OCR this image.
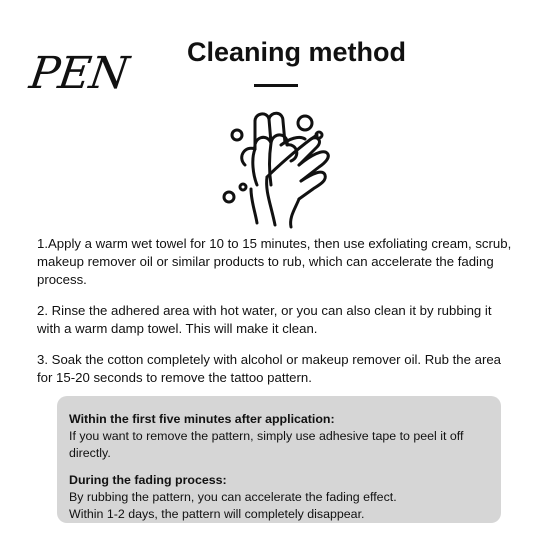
PEN	Cleaning method

1.Apply a warm wet towel for 10 to 15 minutes, then use exfoliating cream, scrub, makeup remover oil or similar products to rub, which can accelerate the fading process.

2. Rinse the adhered area with hot water, or you can also clean it by rubbing it with a warm damp towel. This will make it clean.

3. Soak the cotton completely with alcohol or makeup remover oil. Rub the area for 15-20 seconds to remove the tattoo pattern.

Within the first five minutes after application:
If you want to remove the pattern, simply use adhesive tape to peel it off directly.
During the fading process:
By rubbing the pattern, you can accelerate the fading effect.
Within 1-2 days, the pattern will completely disappear.
